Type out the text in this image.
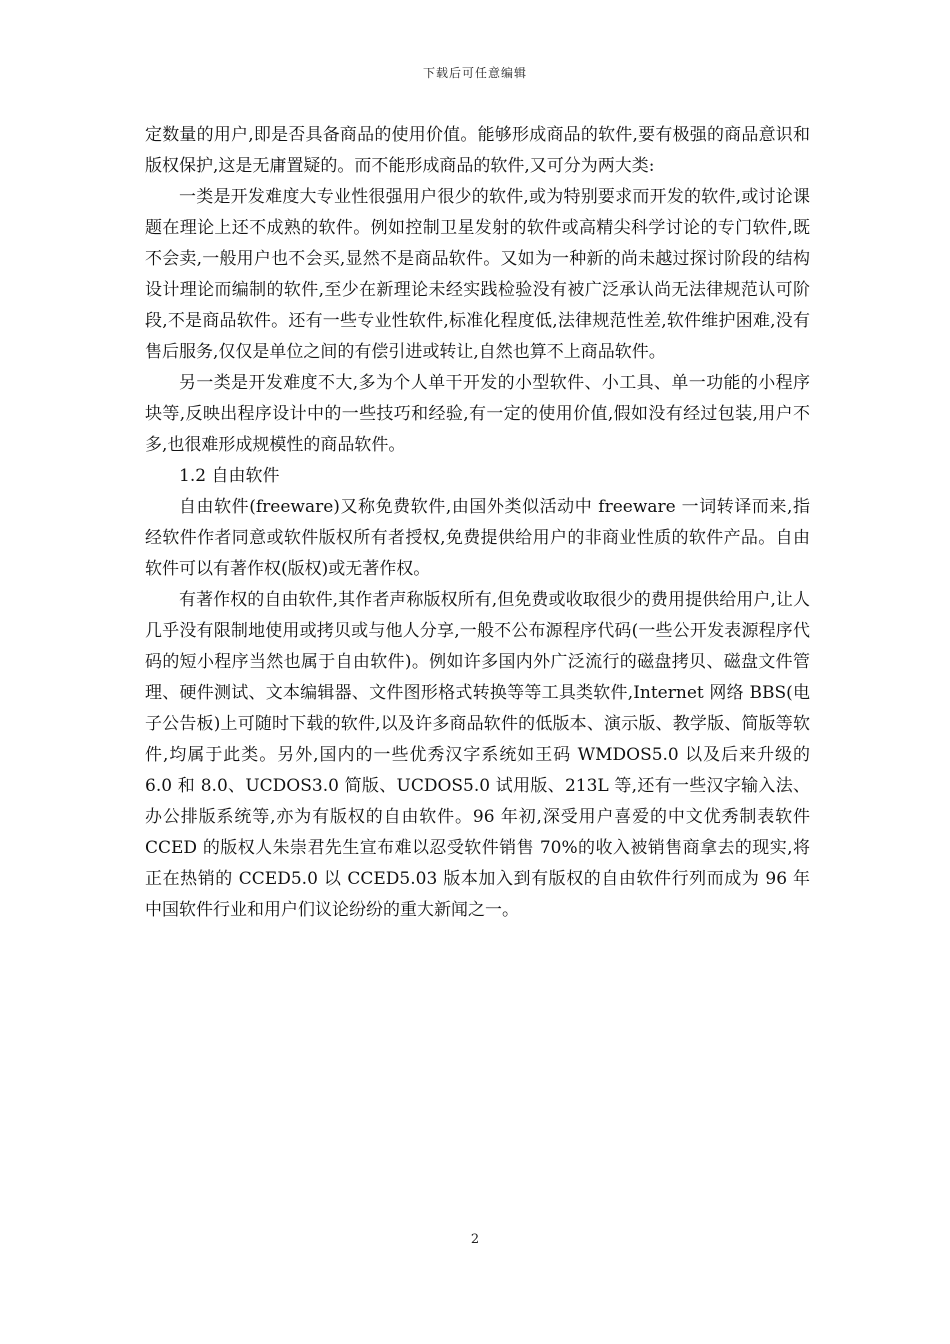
下载后可任意编辑

定数量的用户,即是否具备商品的使用价值。能够形成商品的软件,要有极强的商品意识和版权保护,这是无庸置疑的。而不能形成商品的软件,又可分为两大类:

一类是开发难度大专业性很强用户很少的软件,或为特别要求而开发的软件,或讨论课题在理论上还不成熟的软件。例如控制卫星发射的软件或高精尖科学讨论的专门软件,既不会卖,一般用户也不会买,显然不是商品软件。又如为一种新的尚未越过探讨阶段的结构设计理论而编制的软件,至少在新理论未经实践检验没有被广泛承认尚无法律规范认可阶段,不是商品软件。还有一些专业性软件,标准化程度低,法律规范性差,软件维护困难,没有售后服务,仅仅是单位之间的有偿引进或转让,自然也算不上商品软件。

另一类是开发难度不大,多为个人单干开发的小型软件、小工具、单一功能的小程序块等,反映出程序设计中的一些技巧和经验,有一定的使用价值,假如没有经过包装,用户不多,也很难形成规模性的商品软件。

1.2 自由软件

自由软件(freeware)又称免费软件,由国外类似活动中 freeware 一词转译而来,指经软件作者同意或软件版权所有者授权,免费提供给用户的非商业性质的软件产品。自由软件可以有著作权(版权)或无著作权。

有著作权的自由软件,其作者声称版权所有,但免费或收取很少的费用提供给用户,让人几乎没有限制地使用或拷贝或与他人分享,一般不公布源程序代码(一些公开发表源程序代码的短小程序当然也属于自由软件)。例如许多国内外广泛流行的磁盘拷贝、磁盘文件管理、硬件测试、文本编辑器、文件图形格式转换等等工具类软件,Internet 网络 BBS(电子公告板)上可随时下载的软件,以及许多商品软件的低版本、演示版、教学版、简版等软件,均属于此类。另外,国内的一些优秀汉字系统如王码 WMDOS5.0 以及后来升级的 6.0 和 8.0、UCDOS3.0 简版、UCDOS5.0 试用版、213L 等,还有一些汉字输入法、办公排版系统等,亦为有版权的自由软件。96 年初,深受用户喜爱的中文优秀制表软件 CCED 的版权人朱崇君先生宣布难以忍受软件销售 70%的收入被销售商拿去的现实,将正在热销的 CCED5.0 以 CCED5.03 版本加入到有版权的自由软件行列而成为 96 年中国软件行业和用户们议论纷纷的重大新闻之一。

2
